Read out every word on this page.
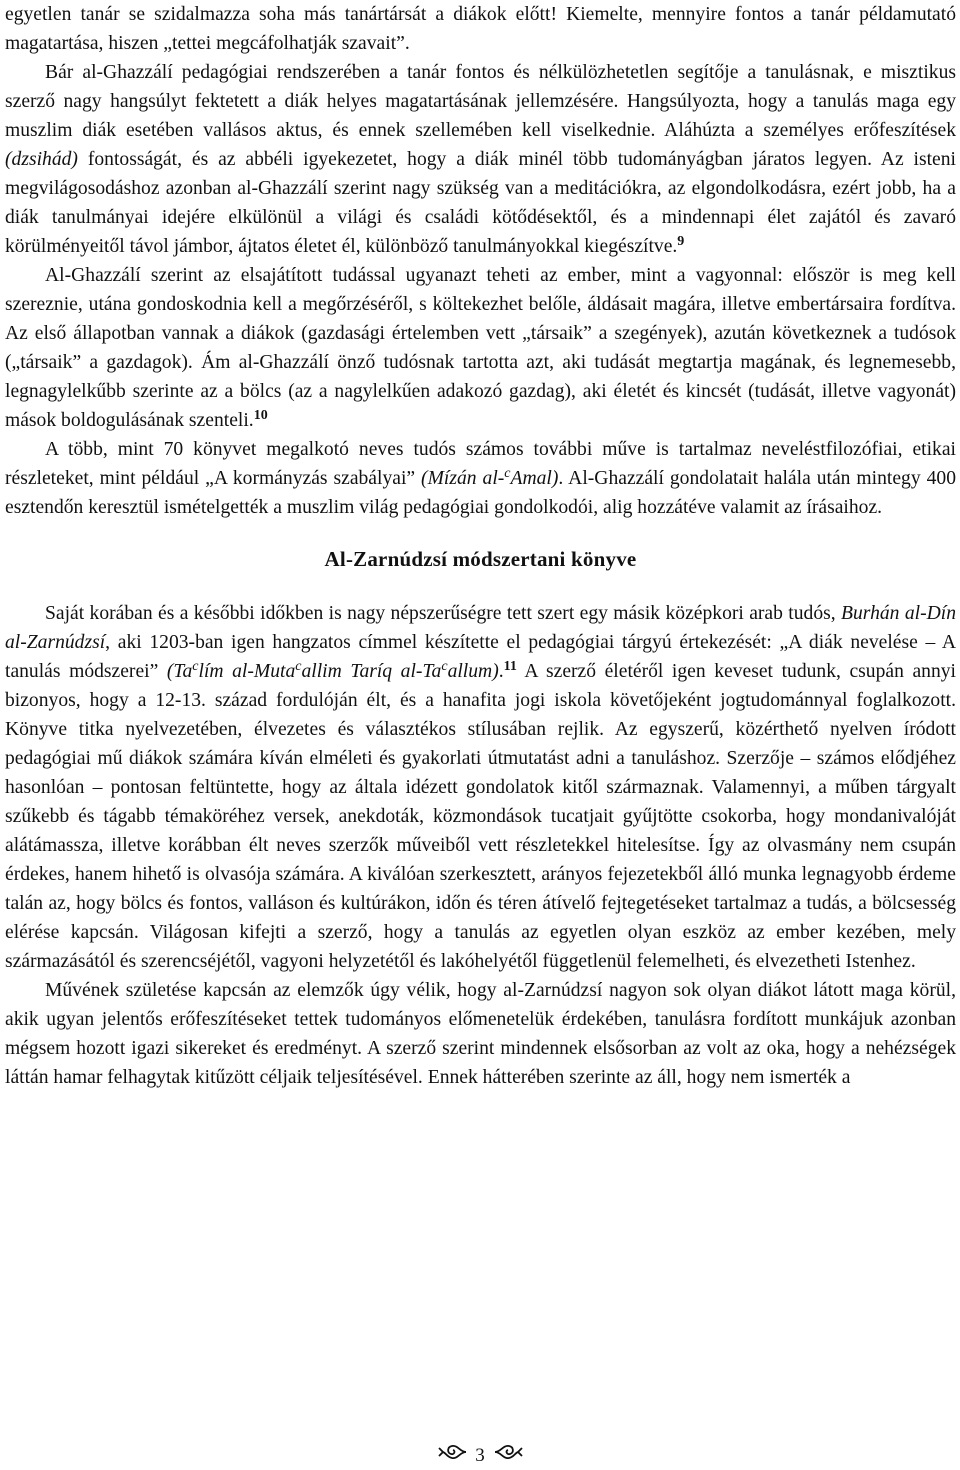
egyetlen tanár se szidalmazza soha más tanártársát a diákok előtt! Kiemelte, mennyire fontos a tanár példamutató magatartása, hiszen „tettei megcáfolhatják szavait”.

Bár al-Ghazzálí pedagógiai rendszerében a tanár fontos és nélkülözhetetlen segítője a tanulásnak, e misztikus szerző nagy hangsúlyt fektetett a diák helyes magatartásának jellemzésére. Hangsúlyozta, hogy a tanulás maga egy muszlim diák esetében vallásos aktus, és ennek szellemében kell viselkednie. Aláhúzta a személyes erőfeszítések (dzsihád) fontosságát, és az abbéli igyekezetet, hogy a diák minél több tudományágban járatos legyen. Az isteni megvilágosodáshoz azonban al-Ghazzálí szerint nagy szükség van a meditációkra, az elgondolkodásra, ezért jobb, ha a diák tanulmányai idejére elkülönül a világi és családi kötődésektől, és a mindennapi élet zajától és zavaró körülményeitől távol jámbor, ájtatos életet él, különböző tanulmányokkal kiegészítve.$^9$

Al-Ghazzálí szerint az elsajátított tudással ugyanazt teheti az ember, mint a vagyonnal: először is meg kell szereznie, utána gondoskodnia kell a megőrzéséről, s költekezhet belőle, áldásait magára, illetve embertársaira fordítva. Az első állapotban vannak a diákok (gazdasági értelemben vett „társaik” a szegények), azután következnek a tudósok („társaik” a gazdagok). Ám al-Ghazzálí önző tudósnak tartotta azt, aki tudását megtartja magának, és legnemesebb, legnagylelkűbb szerinte az a bölcs (az a nagylelkűen adakozó gazdag), aki életét és kincsét (tudását, illetve vagyonát) mások boldogulásának szenteli.$^{10}$

A több, mint 70 könyvet megalkotó neves tudós számos további műve is tartalmaz neveléstfilozófiai, etikai részleteket, mint például „A kormányzás szabályai” (Mízán al-$^c$Amal). Al-Ghazzálí gondolatait halála után mintegy 400 esztendőn keresztül ismételgették a muszlim világ pedagógiai gondolkodói, alig hozzátéve valamit az írásaihoz.

Al-Zarnúdzsí módszertani könyve

Saját korában és a későbbi időkben is nagy népszerűségre tett szert egy másik középkori arab tudós, Burhán al-Dín al-Zarnúdzsí, aki 1203-ban igen hangzatos címmel készítette el pedagógiai tárgyú értekezését: „A diák nevelése – A tanulás módszerei” (Ta$^c$lím al-Muta$^c$allim Taríq al-Ta$^c$allum).$^{11}$ A szerző életéről igen keveset tudunk, csupán annyi bizonyos, hogy a 12-13. század fordulóján élt, és a hanafita jogi iskola követőjeként jogtudománnyal foglalkozott. Könyve titka nyelvezetében, élvezetes és választékos stílusában rejlik. Az egyszerű, közérthető nyelven íródott pedagógiai mű diákok számára kíván elméleti és gyakorlati útmutatást adni a tanuláshoz. Szerzője – számos elődjéhez hasonlóan – pontosan feltüntette, hogy az általa idézett gondolatok kitől származnak. Valamennyi, a műben tárgyalt szűkebb és tágabb témaköréhez versek, anekdoták, közmondások tucatjait gyűjtötte csokorba, hogy mondanivalóját alátámassza, illetve korábban élt neves szerzők műveiből vett részletekkel hitelesítse. Így az olvasmány nem csupán érdekes, hanem hihető is olvasója számára. A kiválóan szerkesztett, arányos fejezetekből álló munka legnagyobb érdeme talán az, hogy bölcs és fontos, valláson és kultúrákon, időn és téren átívelő fejtegetéseket tartalmaz a tudás, a bölcsesség elérése kapcsán. Világosan kifejti a szerző, hogy a tanulás az egyetlen olyan eszköz az ember kezében, mely származásától és szerencséjétől, vagyoni helyzetétől és lakóhelyétől függetlenül felemelheti, és elvezetheti Istenhez.

Művének születése kapcsán az elemzők úgy vélik, hogy al-Zarnúdzsí nagyon sok olyan diákot látott maga körül, akik ugyan jelentős erőfeszítéseket tettek tudományos előmenetelük érdekében, tanulásra fordított munkájuk azonban mégsem hozott igazi sikereket és eredményt. A szerző szerint mindennek elsősorban az volt az oka, hogy a nehézségek láttán hamar felhagytak kitűzött céljaik teljesítésével. Ennek hátterében szerinte az áll, hogy nem ismerték a

3
